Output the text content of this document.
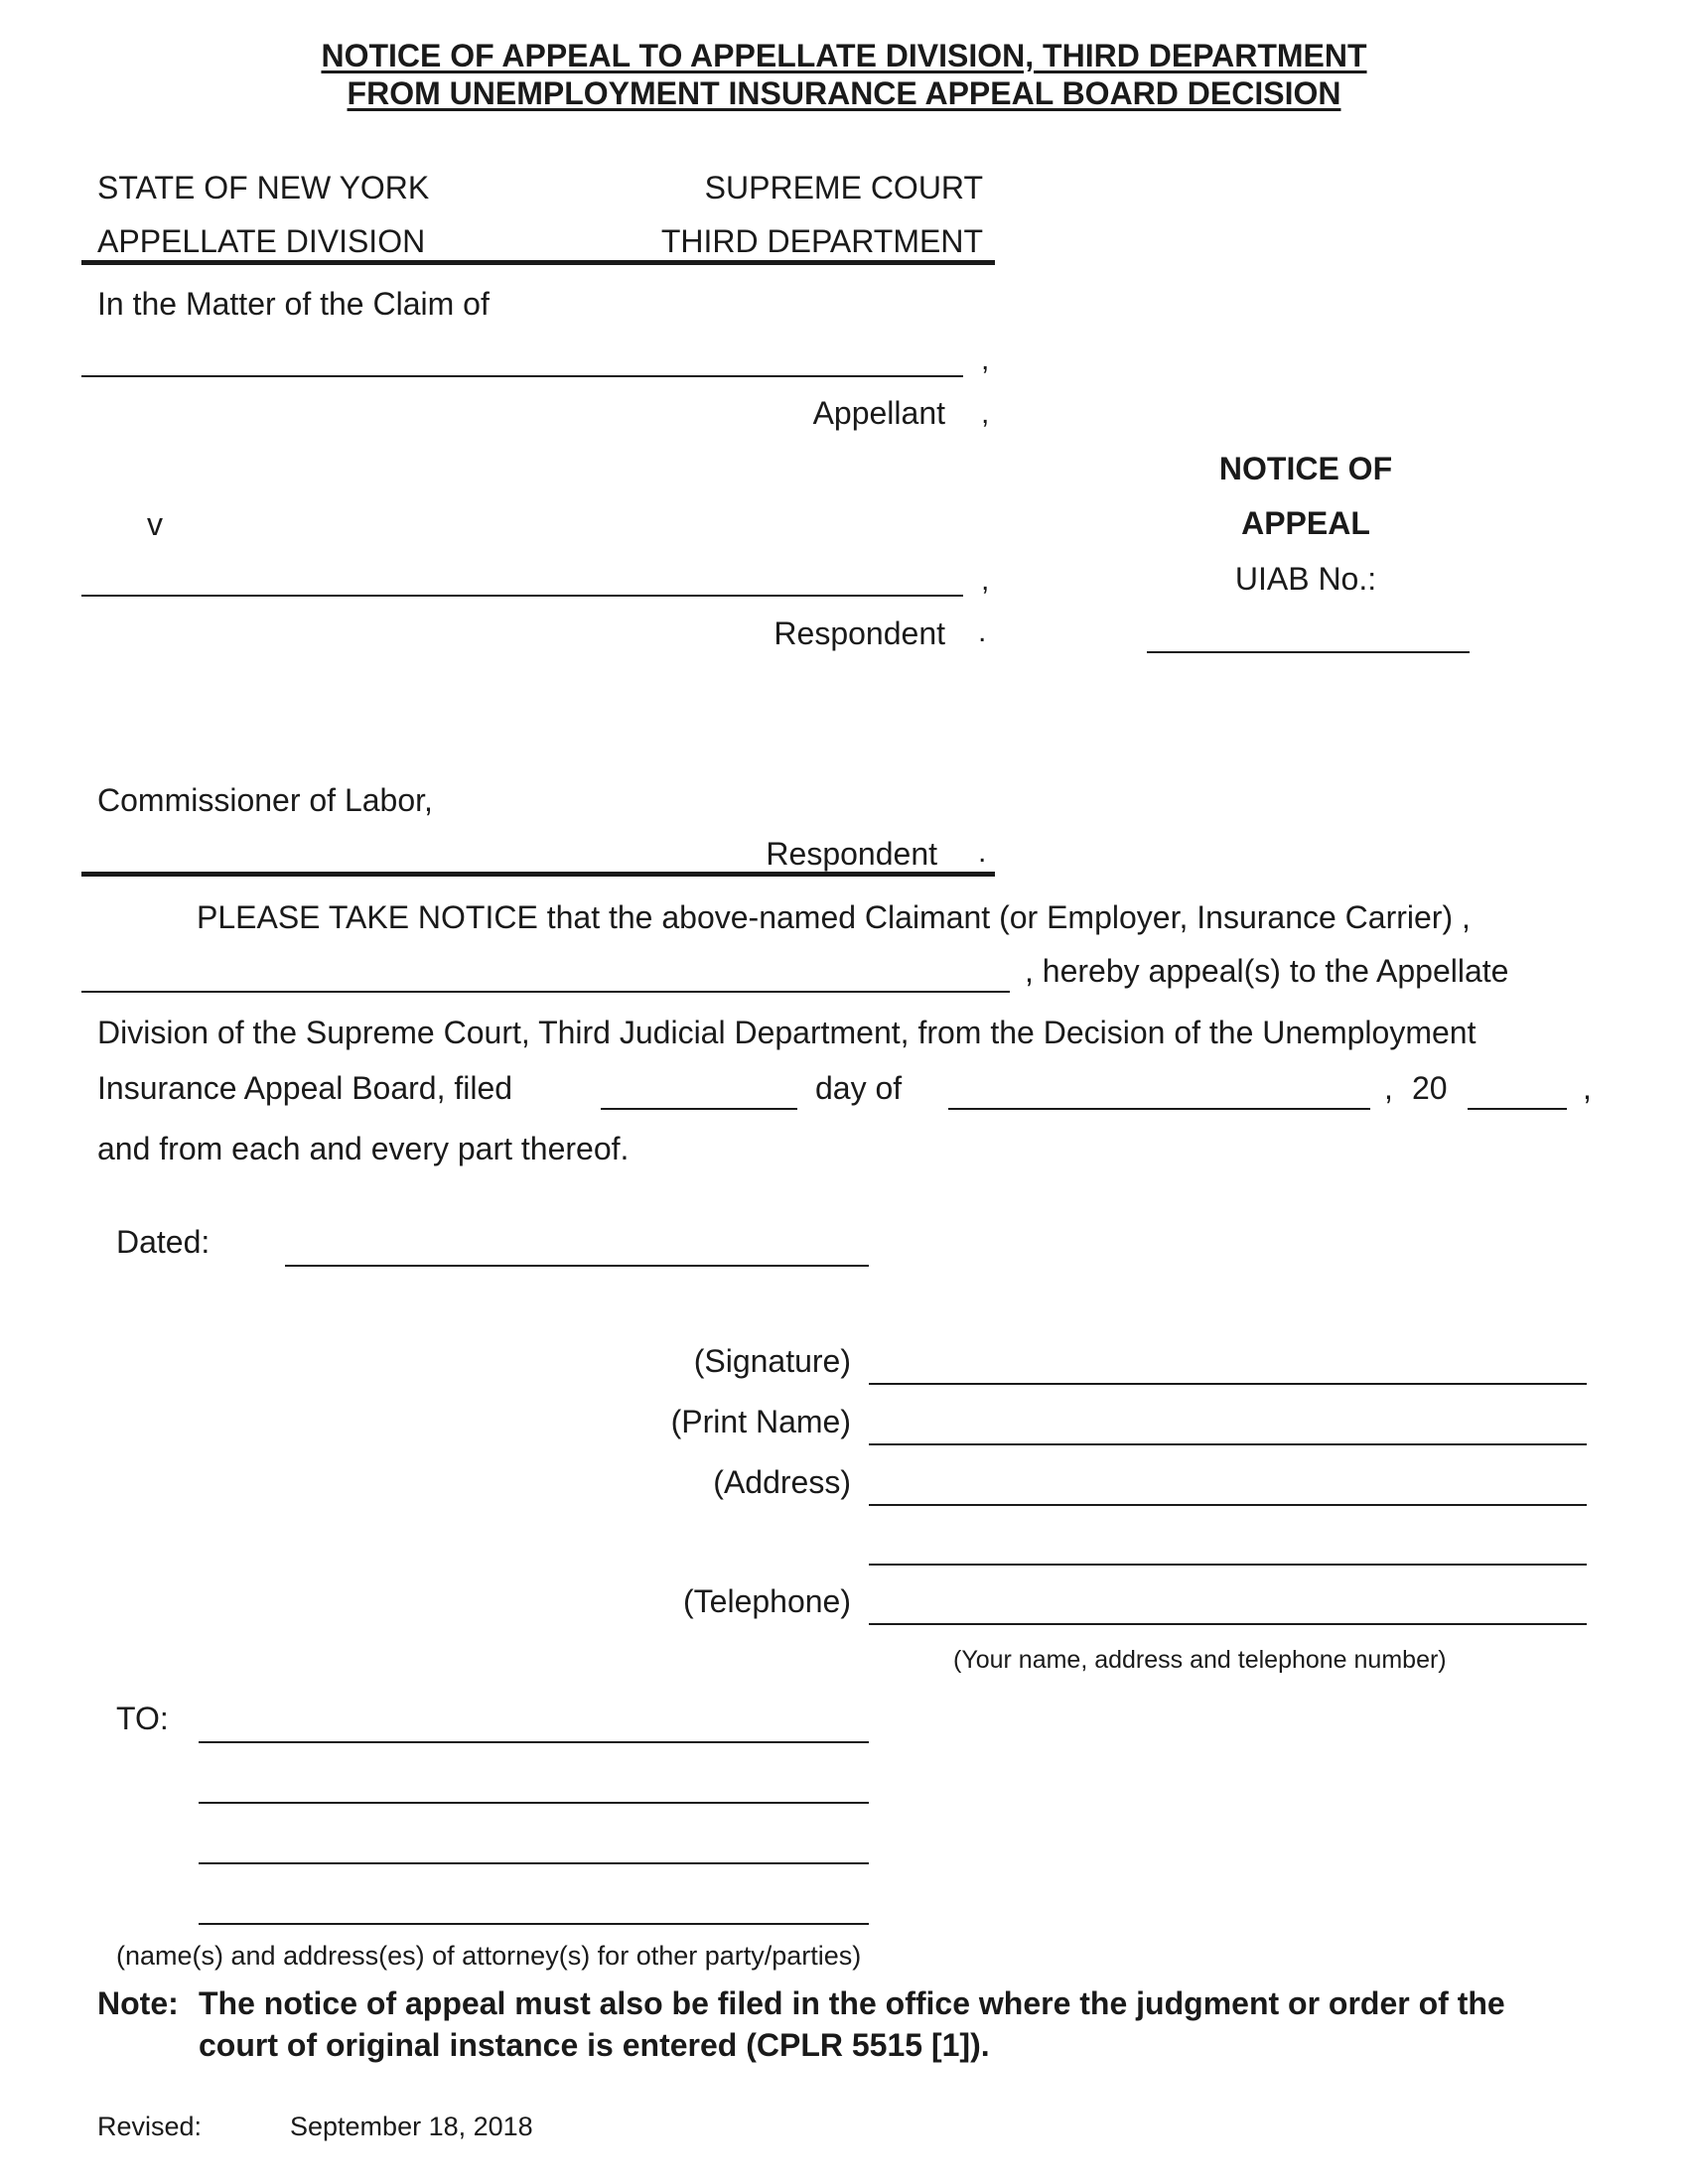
NOTICE OF APPEAL TO APPELLATE DIVISION, THIRD DEPARTMENT
FROM UNEMPLOYMENT INSURANCE APPEAL BOARD DECISION
STATE OF NEW YORK	SUPREME COURT
APPELLATE DIVISION	THIRD DEPARTMENT
In the Matter of the Claim of
,
Appellant ,
v
,
Respondent .
Commissioner of Labor,
Respondent .
NOTICE OF
APPEAL
UIAB No.:
PLEASE TAKE NOTICE that the above-named Claimant (or Employer, Insurance Carrier) ,
, hereby appeal(s) to the Appellate
Division of the Supreme Court, Third Judicial Department, from the Decision of the Unemployment
Insurance Appeal Board, filed	day of	, 20	,
and from each and every part thereof.
Dated:
(Signature)
(Print Name)
(Address)
(Telephone)
(Your name, address and telephone number)
TO:
(name(s) and address(es) of attorney(s) for other party/parties)
Note: The notice of appeal must also be filed in the office where the judgment or order of the
court of original instance is entered (CPLR 5515 [1]).
Revised:	September 18, 2018
